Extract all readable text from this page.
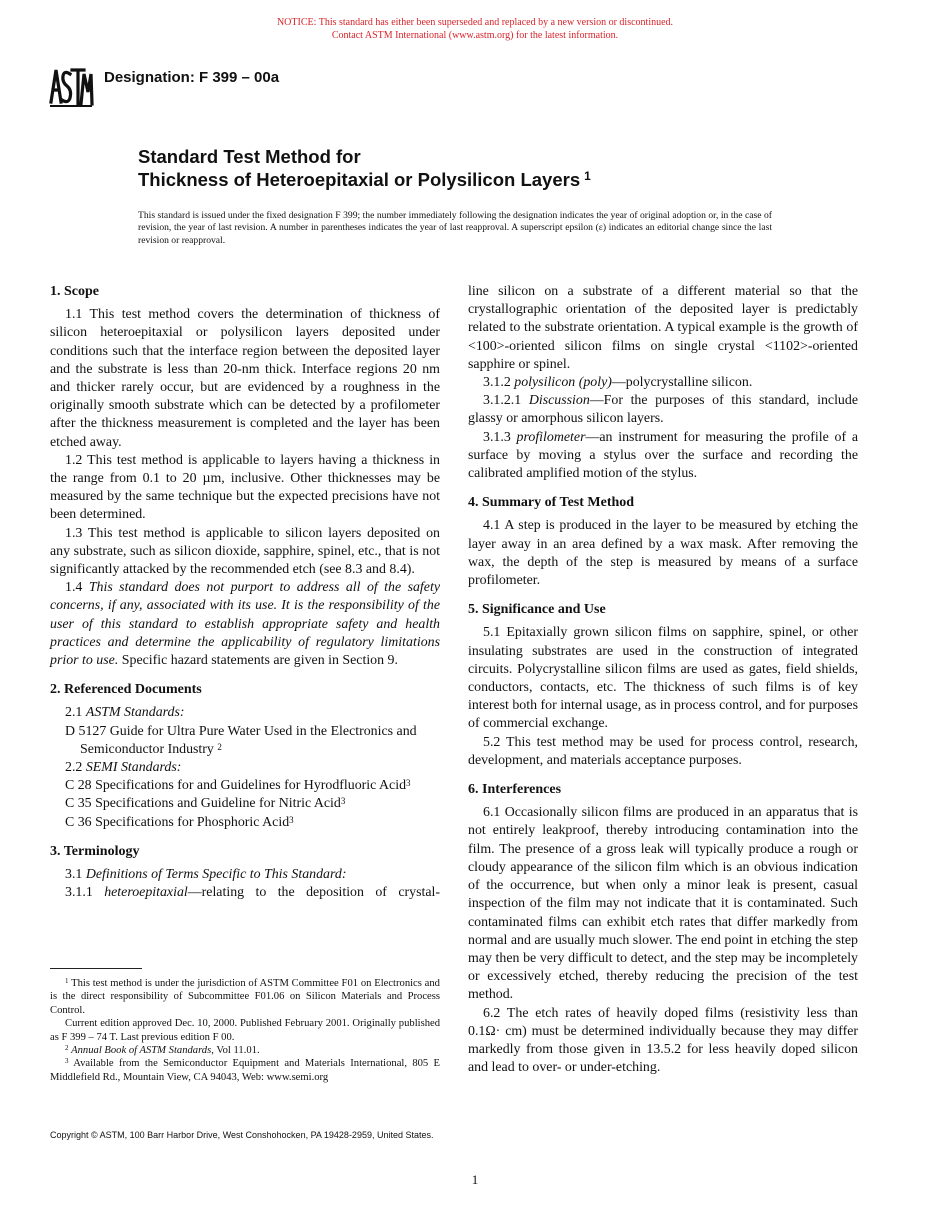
NOTICE: This standard has either been superseded and replaced by a new version or discontinued.
Contact ASTM International (www.astm.org) for the latest information.
Designation: F 399 – 00a
Standard Test Method for
Thickness of Heteroepitaxial or Polysilicon Layers $^1$
This standard is issued under the fixed designation F 399; the number immediately following the designation indicates the year of original adoption or, in the case of revision, the year of last revision. A number in parentheses indicates the year of last reapproval. A superscript epsilon (ε) indicates an editorial change since the last revision or reapproval.
1. Scope

1.1 This test method covers the determination of thickness of silicon heteroepitaxial or polysilicon layers deposited under conditions such that the interface region between the deposited layer and the substrate is less than 20-nm thick. Interface regions 20 nm and thicker rarely occur, but are evidenced by a roughness in the originally smooth substrate which can be detected by a profilometer after the thickness measurement is completed and the layer has been etched away.

1.2 This test method is applicable to layers having a thickness in the range from 0.1 to 20 µm, inclusive. Other thicknesses may be measured by the same technique but the expected precisions have not been determined.

1.3 This test method is applicable to silicon layers deposited on any substrate, such as silicon dioxide, sapphire, spinel, etc., that is not significantly attacked by the recommended etch (see 8.3 and 8.4).

1.4 This standard does not purport to address all of the safety concerns, if any, associated with its use. It is the responsibility of the user of this standard to establish appropriate safety and health practices and determine the applicability of regulatory limitations prior to use. Specific hazard statements are given in Section 9.

2. Referenced Documents

2.1 ASTM Standards:

D 5127 Guide for Ultra Pure Water Used in the Electronics and Semiconductor Industry $^2$

2.2 SEMI Standards:

C 28 Specifications for and Guidelines for Hyrodfluoric Acid$^3$

C 35 Specifications and Guideline for Nitric Acid$^3$

C 36 Specifications for Phosphoric Acid$^3$

3. Terminology

3.1 Definitions of Terms Specific to This Standard:

3.1.1 heteroepitaxial—relating to the deposition of crystal-

$^1$ This test method is under the jurisdiction of ASTM Committee F01 on Electronics and is the direct responsibility of Subcommittee F01.06 on Silicon Materials and Process Control.

Current edition approved Dec. 10, 2000. Published February 2001. Originally published as F 399 – 74 T. Last previous edition F 00.

$^2$ Annual Book of ASTM Standards, Vol 11.01.

$^3$ Available from the Semiconductor Equipment and Materials International, 805 E Middlefield Rd., Mountain View, CA 94043, Web: www.semi.org

line silicon on a substrate of a different material so that the crystallographic orientation of the deposited layer is predictably related to the substrate orientation. A typical example is the growth of <100>-oriented silicon films on single crystal <1102>-oriented sapphire or spinel.

3.1.2 polysilicon (poly)—polycrystalline silicon.

3.1.2.1 Discussion—For the purposes of this standard, include glassy or amorphous silicon layers.

3.1.3 profilometer—an instrument for measuring the profile of a surface by moving a stylus over the surface and recording the calibrated amplified motion of the stylus.

4. Summary of Test Method

4.1 A step is produced in the layer to be measured by etching the layer away in an area defined by a wax mask. After removing the wax, the depth of the step is measured by means of a surface profilometer.

5. Significance and Use

5.1 Epitaxially grown silicon films on sapphire, spinel, or other insulating substrates are used in the construction of integrated circuits. Polycrystalline silicon films are used as gates, field shields, conductors, contacts, etc. The thickness of such films is of key interest both for internal usage, as in process control, and for purposes of commercial exchange.

5.2 This test method may be used for process control, research, development, and materials acceptance purposes.

6. Interferences

6.1 Occasionally silicon films are produced in an apparatus that is not entirely leakproof, thereby introducing contamination into the film. The presence of a gross leak will typically produce a rough or cloudy appearance of the silicon film which is an obvious indication of the occurrence, but when only a minor leak is present, casual inspection of the film may not indicate that it is contaminated. Such contaminated films can exhibit etch rates that differ markedly from normal and are usually much slower. The end point in etching the step may then be very difficult to detect, and the step may be incompletely or excessively etched, thereby reducing the precision of the test method.

6.2 The etch rates of heavily doped films (resistivity less than 0.1Ω· cm) must be determined individually because they may differ markedly from those given in 13.5.2 for less heavily doped silicon and lead to over- or under-etching.

Copyright © ASTM, 100 Barr Harbor Drive, West Conshohocken, PA 19428-2959, United States.
1
